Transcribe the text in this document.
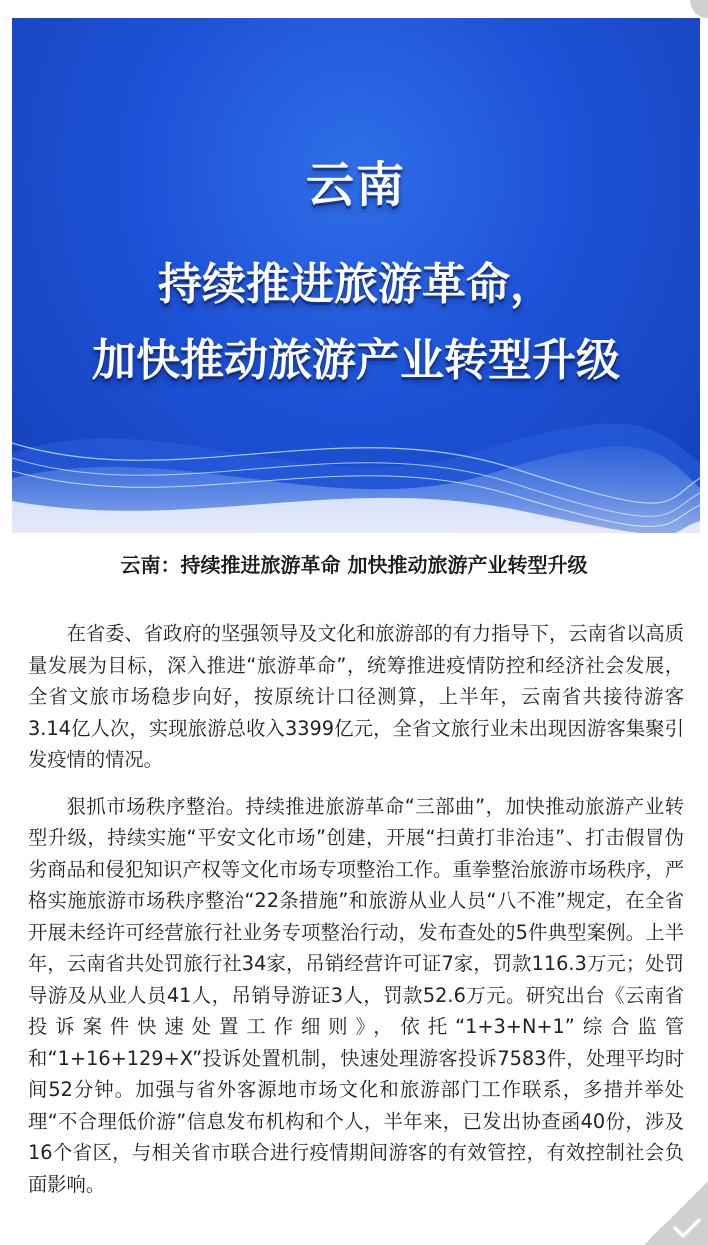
云南
持续推进旅游革命，
加快推动旅游产业转型升级
云南：持续推进旅游革命 加快推动旅游产业转型升级

在省委、省政府的坚强领导及文化和旅游部的有力指导下，云南省以高质量发展为目标，深入推进“旅游革命”，统筹推进疫情防控和经济社会发展，全省文旅市场稳步向好，按原统计口径测算，上半年，云南省共接待游客3.14亿人次，实现旅游总收入3399亿元，全省文旅行业未出现因游客集聚引发疫情的情况。

狠抓市场秩序整治。持续推进旅游革命“三部曲”，加快推动旅游产业转型升级，持续实施“平安文化市场”创建，开展“扫黄打非治违”、打击假冒伪劣商品和侵犯知识产权等文化市场专项整治工作。重拳整治旅游市场秩序，严格实施旅游市场秩序整治“22条措施”和旅游从业人员“八不准”规定，在全省开展未经许可经营旅行社业务专项整治行动，发布查处的5件典型案例。上半年，云南省共处罚旅行社34家，吊销经营许可证7家，罚款116.3万元；处罚导游及从业人员41人，吊销导游证3人，罚款52.6万元。研究出台《云南省投诉案件快速处置工作细则》，依托“1+3+N+1”综合监管和“1+16+129+X”投诉处置机制，快速处理游客投诉7583件，处理平均时间52分钟。加强与省外客源地市场文化和旅游部门工作联系，多措并举处理“不合理低价游”信息发布机构和个人，半年来，已发出协查函40份，涉及16个省区，与相关省市联合进行疫情期间游客的有效管控，有效控制社会负面影响。
